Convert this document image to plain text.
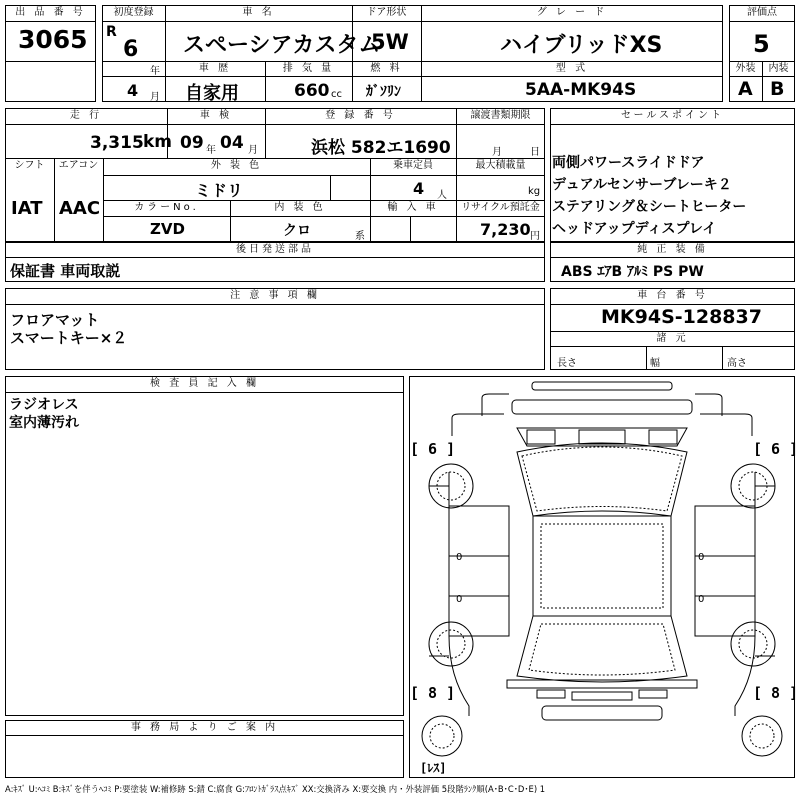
出 品 番 号
3065
初度登録
R
6
年
4 月
車 名
スペーシアカスタム
ドア形状
5W
グ レ ー ド
ハイブリッドXS
車 歴
自家用
排 気 量
660 cc
燃 料
ｶﾞｿﾘﾝ
型 式
5AA-MK94S
評価点
5
外装	内装
A B
走 行
3,315 km
車 検
09 年 04 月
登 録 番 号
浜松 582エ1690
譲渡書類期限
月	日
シフト
IAT
エアコン
AAC
外 装 色
ミドリ
乗車定員
4 人
最大積載量
kg
カラーNo.
ZVD
内 装 色
クロ	系
輸 入 車	リサイクル預託金
7,230 円
後日発送部品
保証書 車両取説
セールスポイント
両側パワースライドドア
デュアルセンサーブレーキ２
ステアリング＆シートヒーター
ヘッドアップディスプレイ
純 正 装 備
ABS ｴｱB ｱﾙﾐ PS PW
注 意 事 項 欄
フロアマット
スマートキー×２
車 台 番 号
MK94S-128837
諸 元
長さ	幅	高さ
検 査 員 記 入 欄
ラジオレス
室内薄汚れ
事 務 局 よ り ご 案 内
[ 6 ]	[ 6 ]
[ 8 ]	[ 8 ]
0
0
0
0
[ﾚｽ]
A:ｷｽﾞ U:ﾍｺﾐ B:ｷｽﾞを伴うﾍｺﾐ P:要塗装 W:補修跡 S:錆 C:腐食 G:ﾌﾛﾝﾄｶﾞﾗｽ点ｷｽﾞ XX:交換済み X:要交換 内・外装評価 5段階ﾗﾝｸ順(A･B･C･D･E) 1
